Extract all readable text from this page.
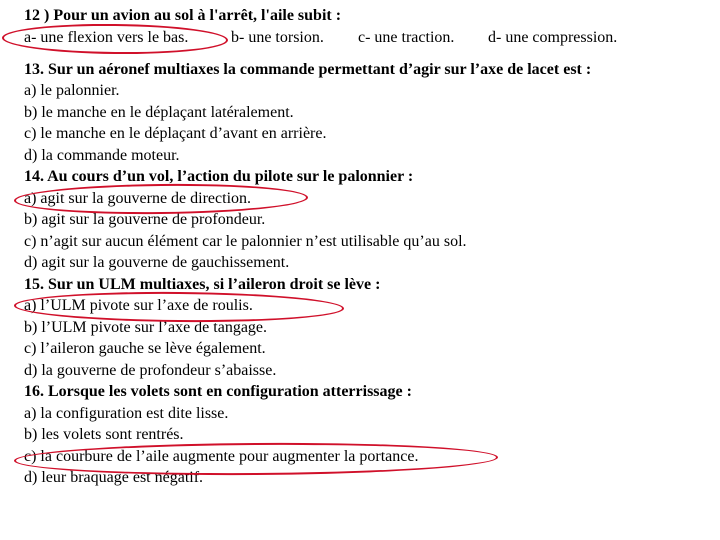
12 ) Pour un avion au sol à l'arrêt, l'aile subit :
a- une flexion vers le bas.	b- une torsion.	c- une traction.	d- une compression.
13. Sur un aéronef multiaxes la commande permettant d’agir sur l’axe de lacet est :
a) le palonnier.
b) le manche en le déplaçant latéralement.
c) le manche en le déplaçant d’avant en arrière.
d) la commande moteur.
14. Au cours d’un vol, l’action du pilote sur le palonnier :
a) agit sur la gouverne de direction.
b) agit sur la gouverne de profondeur.
c) n’agit sur aucun élément car le palonnier n’est utilisable qu’au sol.
d) agit sur la gouverne de gauchissement.
15. Sur un ULM multiaxes, si l’aileron droit se lève :
a) l’ULM pivote sur l’axe de roulis.
b) l’ULM pivote sur l’axe de tangage.
c) l’aileron gauche se lève également.
d) la gouverne de profondeur s’abaisse.
16. Lorsque les volets sont en configuration atterrissage :
a) la configuration est dite lisse.
b) les volets sont rentrés.
c) la courbure de l’aile augmente pour augmenter la portance.
d) leur braquage est négatif.
